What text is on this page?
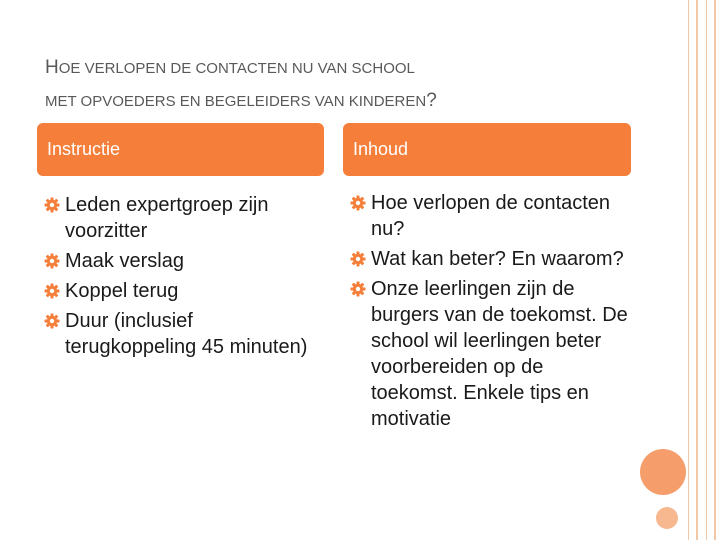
HOE VERLOPEN DE CONTACTEN NU VAN SCHOOL
MET OPVOEDERS EN BEGELEIDERS VAN KINDEREN?
Instructie	Inhoud
Leden expertgroep zijn voorzitter
Maak verslag
Koppel terug
Duur (inclusief terugkoppeling 45 minuten)
Hoe verlopen de contacten nu?
Wat kan beter? En waarom?
Onze leerlingen zijn de burgers van de toekomst. De school wil leerlingen beter voorbereiden op de toekomst. Enkele tips en motivatie
